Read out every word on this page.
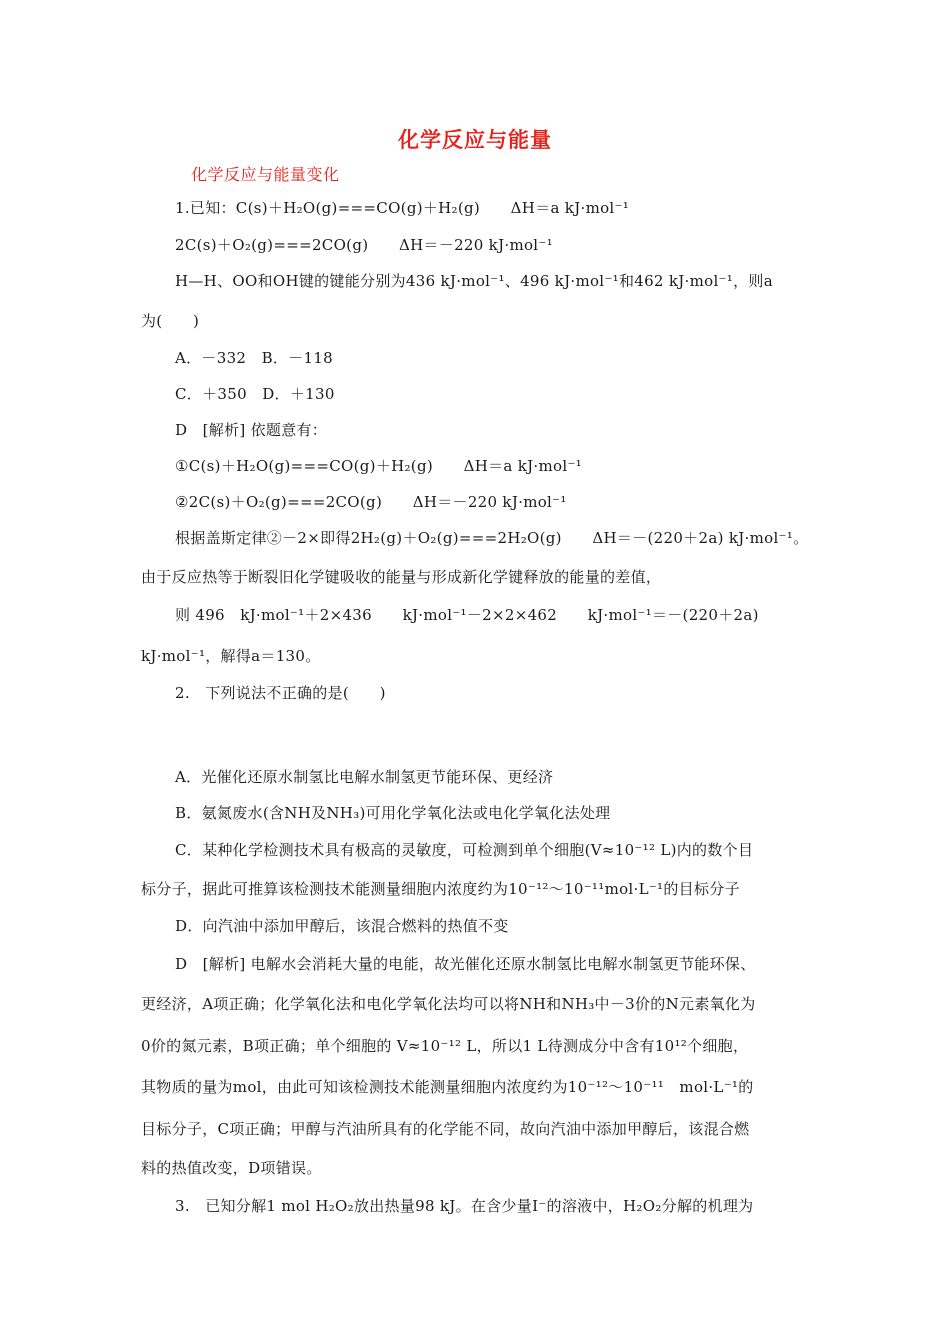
化学反应与能量
化学反应与能量变化
1.已知：C(s)＋H₂O(g)===CO(g)＋H₂(g)　　ΔH＝a kJ·mol⁻¹
2C(s)＋O₂(g)===2CO(g)　　ΔH＝－220 kJ·mol⁻¹
H—H、OO和OH键的键能分别为436 kJ·mol⁻¹、496 kJ·mol⁻¹和462 kJ·mol⁻¹，则a
为(　　)
A．－332　B．－118
C．＋350　D．＋130
D　[解析] 依题意有：
①C(s)＋H₂O(g)===CO(g)＋H₂(g)　　ΔH＝a kJ·mol⁻¹
②2C(s)＋O₂(g)===2CO(g)　　ΔH＝－220 kJ·mol⁻¹
根据盖斯定律②－2×即得2H₂(g)＋O₂(g)===2H₂O(g)　　ΔH＝－(220＋2a) kJ·mol⁻¹。
由于反应热等于断裂旧化学键吸收的能量与形成新化学键释放的能量的差值，
则 496　kJ·mol⁻¹＋2×436　　kJ·mol⁻¹－2×2×462　　kJ·mol⁻¹＝－(220＋2a)
kJ·mol⁻¹，解得a＝130。
2.　下列说法不正确的是(　　)
A．光催化还原水制氢比电解水制氢更节能环保、更经济
B．氨氮废水(含NH及NH₃)可用化学氧化法或电化学氧化法处理
C．某种化学检测技术具有极高的灵敏度，可检测到单个细胞(V≈10⁻¹² L)内的数个目
标分子，据此可推算该检测技术能测量细胞内浓度约为10⁻¹²～10⁻¹¹mol·L⁻¹的目标分子
D．向汽油中添加甲醇后，该混合燃料的热值不变
D　[解析] 电解水会消耗大量的电能，故光催化还原水制氢比电解水制氢更节能环保、
更经济，A项正确；化学氧化法和电化学氧化法均可以将NH和NH₃中－3价的N元素氧化为
0价的氮元素，B项正确；单个细胞的 V≈10⁻¹² L，所以1 L待测成分中含有10¹²个细胞，
其物质的量为mol，由此可知该检测技术能测量细胞内浓度约为10⁻¹²～10⁻¹¹　mol·L⁻¹的
目标分子，C项正确；甲醇与汽油所具有的化学能不同，故向汽油中添加甲醇后，该混合燃
料的热值改变，D项错误。
3.　已知分解1 mol H₂O₂放出热量98 kJ。在含少量I⁻的溶液中，H₂O₂分解的机理为
